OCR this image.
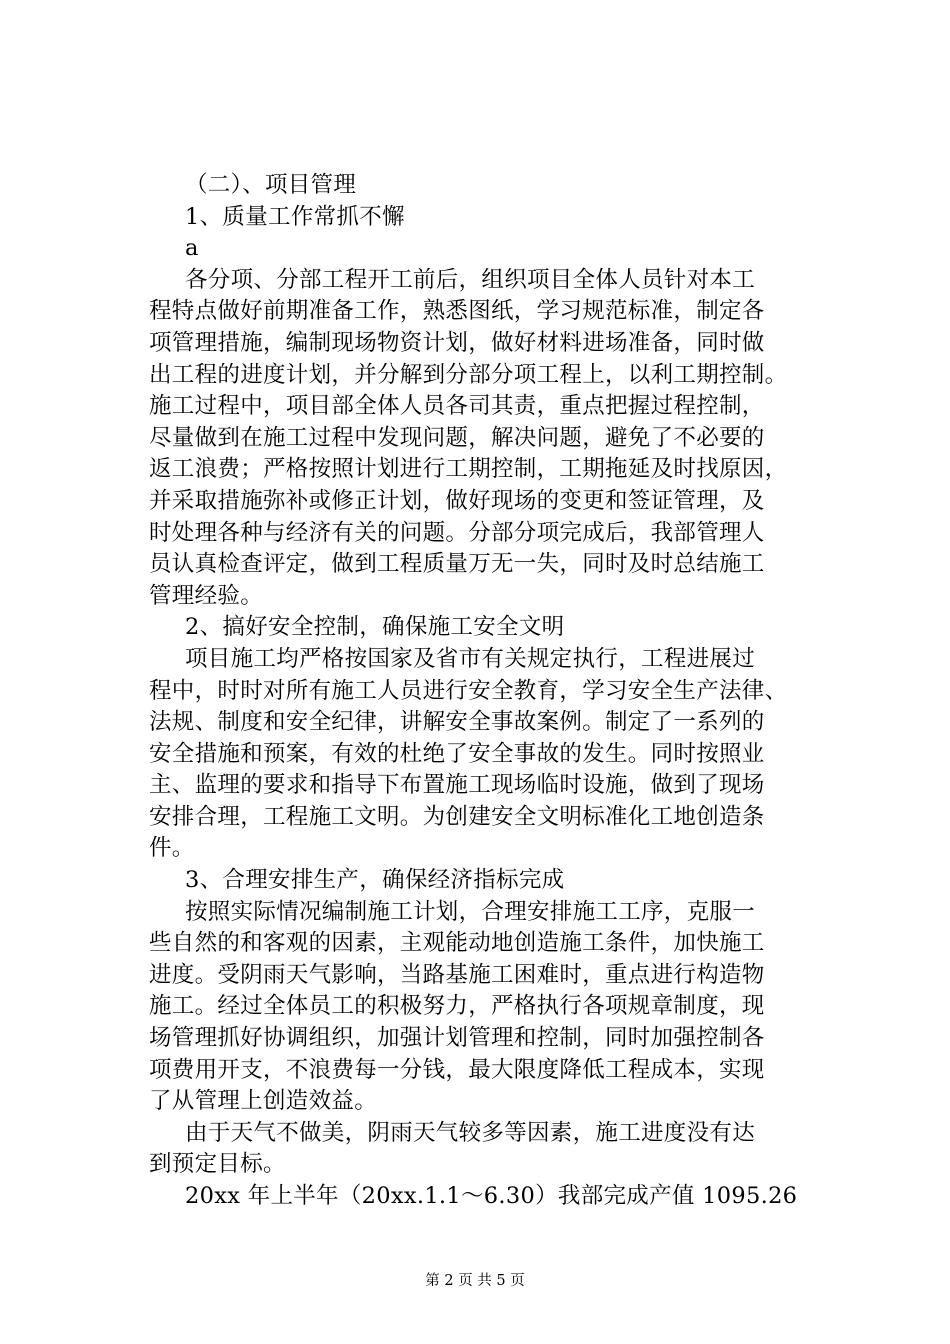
（二）、项目管理
1、质量工作常抓不懈
a
各分项、分部工程开工前后，组织项目全体人员针对本工
程特点做好前期准备工作，熟悉图纸，学习规范标准，制定各
项管理措施，编制现场物资计划，做好材料进场准备，同时做
出工程的进度计划，并分解到分部分项工程上，以利工期控制。
施工过程中，项目部全体人员各司其责，重点把握过程控制，
尽量做到在施工过程中发现问题，解决问题，避免了不必要的
返工浪费；严格按照计划进行工期控制，工期拖延及时找原因，
并采取措施弥补或修正计划，做好现场的变更和签证管理，及
时处理各种与经济有关的问题。分部分项完成后，我部管理人
员认真检查评定，做到工程质量万无一失，同时及时总结施工
管理经验。
2、搞好安全控制，确保施工安全文明
项目施工均严格按国家及省市有关规定执行，工程进展过
程中，时时对所有施工人员进行安全教育，学习安全生产法律、
法规、制度和安全纪律，讲解安全事故案例。制定了一系列的
安全措施和预案，有效的杜绝了安全事故的发生。同时按照业
主、监理的要求和指导下布置施工现场临时设施，做到了现场
安排合理，工程施工文明。为创建安全文明标准化工地创造条
件。
3、合理安排生产，确保经济指标完成
按照实际情况编制施工计划，合理安排施工工序，克服一
些自然的和客观的因素，主观能动地创造施工条件，加快施工
进度。受阴雨天气影响，当路基施工困难时，重点进行构造物
施工。经过全体员工的积极努力，严格执行各项规章制度，现
场管理抓好协调组织，加强计划管理和控制，同时加强控制各
项费用开支，不浪费每一分钱，最大限度降低工程成本，实现
了从管理上创造效益。
由于天气不做美，阴雨天气较多等因素，施工进度没有达
到预定目标。
20xx 年上半年（20xx.1.1～6.30）我部完成产值 1095.26
第 2 页 共 5 页
